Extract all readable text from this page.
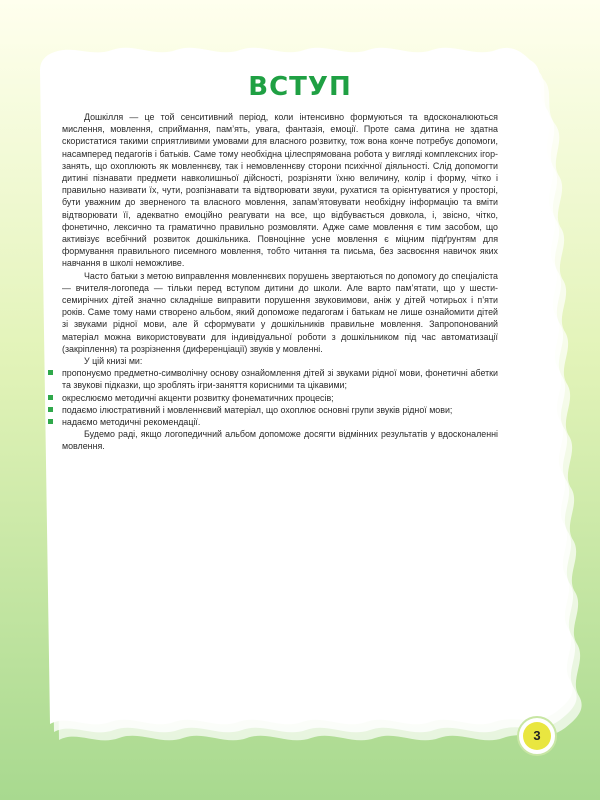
ВСТУП

Дошкілля — це той сенситивний період, коли інтенсивно формуються та вдосконалюються мислення, мовлення, сприймання, пам’ять, увага, фантазія, емоції. Проте сама дитина не здатна скористатися такими сприятливими умовами для власного розвитку, тож вона конче потребує допомоги, насамперед педагогів і батьків. Саме тому необхідна цілеспрямована робота у вигляді комплексних ігор-занять, що охоплюють як мовленнєву, так і немовленнєву сторони психічної діяльності. Слід допомогти дитині пізнавати предмети навколишньої дійсності, розрізняти їхню величину, колір і форму, чітко і правильно називати їх, чути, розпізнавати та відтворювати звуки, рухатися та орієнтуватися у просторі, бути уважним до зверненого та власного мовлення, запам’ятовувати необхідну інформацію та вміти відтворювати її, адекватно емоційно реагувати на все, що відбувається довкола, і, звісно, чітко, фонетично, лексично та граматично правильно розмовляти. Адже саме мовлення є тим засобом, що активізує всебічний розвиток дошкільника. Повноцінне усне мовлення є міцним підґрунтям для формування правильного писемного мовлення, тобто читання та письма, без засвоєння навичок яких навчання в школі неможливе.

Часто батьки з метою виправлення мовленнєвих порушень звертаються по допомогу до спеціаліста — вчителя-логопеда — тільки перед вступом дитини до школи. Але варто пам’ятати, що у шести-семирічних дітей значно складніше виправити порушення звуковимови, аніж у дітей чотирьох і п’яти років. Саме тому нами створено альбом, який допоможе педагогам і батькам не лише ознайомити дітей зі звуками рідної мови, але й сформувати у дошкільників правильне мовлення. Запропонований матеріал можна використовувати для індивідуальної роботи з дошкільником під час автоматизації (закріплення) та розрізнення (диференціації) звуків у мовленні.

У цій книзі ми:

пропонуємо предметно-символічну основу ознайомлення дітей зі звуками рідної мови, фонетичні абетки та звукові підказки, що зроблять ігри-заняття корисними та цікавими;
окреслюємо методичні акценти розвитку фонематичних процесів;
подаємо ілюстративний і мовленнєвий матеріал, що охоплює основні групи звуків рідної мови;
надаємо методичні рекомендації.

Будемо раді, якщо логопедичний альбом допоможе досягти відмінних результатів у вдосконаленні мовлення.

3
